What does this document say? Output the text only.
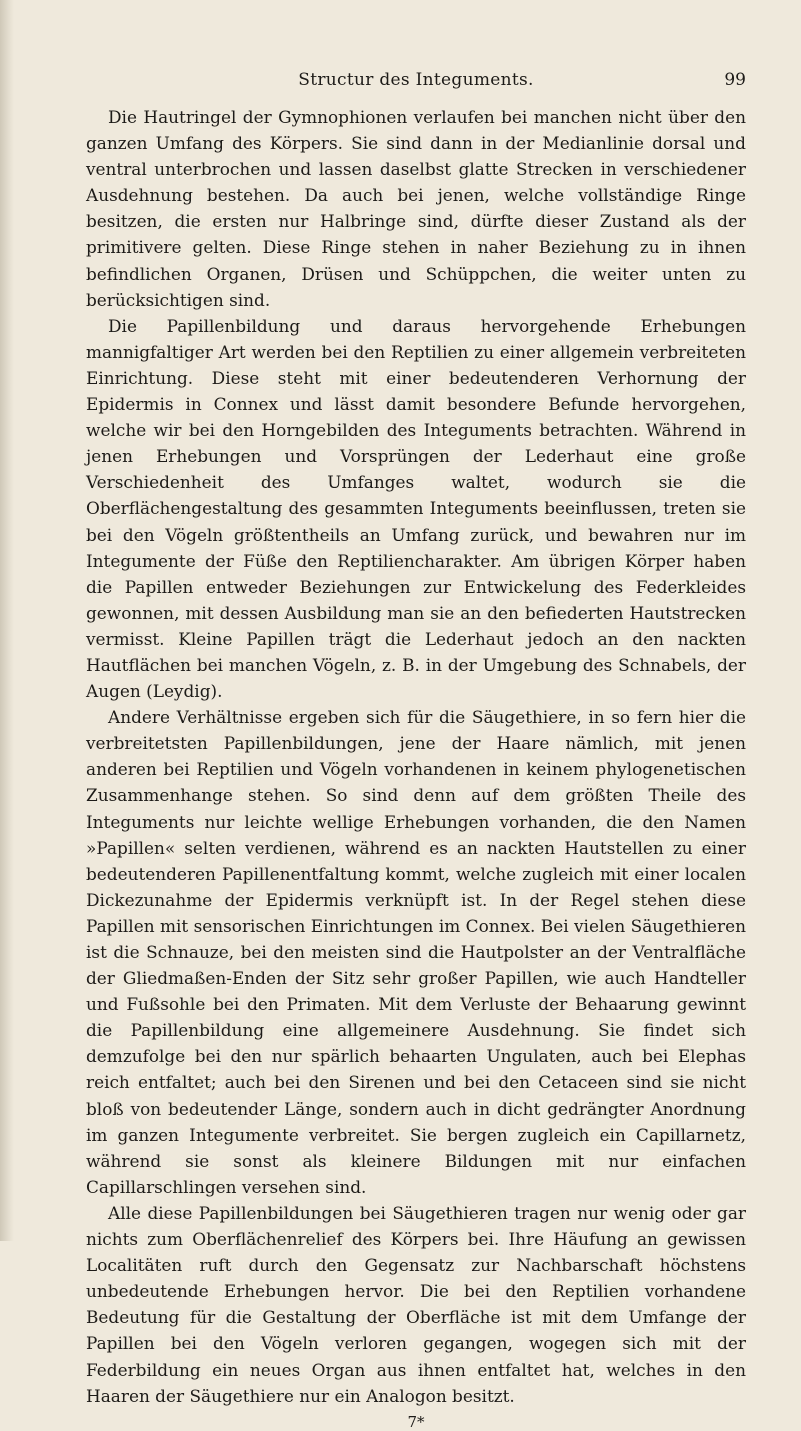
Structur des Integuments.	99

Die Hautringel der Gymnophionen verlaufen bei manchen nicht über den ganzen Umfang des Körpers. Sie sind dann in der Medianlinie dorsal und ventral unterbrochen und lassen daselbst glatte Strecken in verschiedener Ausdehnung bestehen. Da auch bei jenen, welche vollständige Ringe besitzen, die ersten nur Halbringe sind, dürfte dieser Zustand als der primitivere gelten. Diese Ringe stehen in naher Beziehung zu in ihnen befindlichen Organen, Drüsen und Schüppchen, die weiter unten zu berücksichtigen sind.

Die Papillenbildung und daraus hervorgehende Erhebungen mannigfaltiger Art werden bei den Reptilien zu einer allgemein verbreiteten Einrichtung. Diese steht mit einer bedeutenderen Verhornung der Epidermis in Connex und lässt damit besondere Befunde hervorgehen, welche wir bei den Horngebilden des Integuments betrachten. Während in jenen Erhebungen und Vorsprüngen der Lederhaut eine große Verschiedenheit des Umfanges waltet, wodurch sie die Oberflächengestaltung des gesammten Integuments beeinflussen, treten sie bei den Vögeln größtentheils an Umfang zurück, und bewahren nur im Integumente der Füße den Reptiliencharakter. Am übrigen Körper haben die Papillen entweder Beziehungen zur Entwickelung des Federkleides gewonnen, mit dessen Ausbildung man sie an den befiederten Hautstrecken vermisst. Kleine Papillen trägt die Lederhaut jedoch an den nackten Hautflächen bei manchen Vögeln, z. B. in der Umgebung des Schnabels, der Augen (Leydig).

Andere Verhältnisse ergeben sich für die Säugethiere, in so fern hier die verbreitetsten Papillenbildungen, jene der Haare nämlich, mit jenen anderen bei Reptilien und Vögeln vorhandenen in keinem phylogenetischen Zusammenhange stehen. So sind denn auf dem größten Theile des Integuments nur leichte wellige Erhebungen vorhanden, die den Namen »Papillen« selten verdienen, während es an nackten Hautstellen zu einer bedeutenderen Papillenentfaltung kommt, welche zugleich mit einer localen Dickezunahme der Epidermis verknüpft ist. In der Regel stehen diese Papillen mit sensorischen Einrichtungen im Connex. Bei vielen Säugethieren ist die Schnauze, bei den meisten sind die Hautpolster an der Ventralfläche der Gliedmaßen-Enden der Sitz sehr großer Papillen, wie auch Handteller und Fußsohle bei den Primaten. Mit dem Verluste der Behaarung gewinnt die Papillenbildung eine allgemeinere Ausdehnung. Sie findet sich demzufolge bei den nur spärlich behaarten Ungulaten, auch bei Elephas reich entfaltet; auch bei den Sirenen und bei den Cetaceen sind sie nicht bloß von bedeutender Länge, sondern auch in dicht gedrängter Anordnung im ganzen Integumente verbreitet. Sie bergen zugleich ein Capillarnetz, während sie sonst als kleinere Bildungen mit nur einfachen Capillarschlingen versehen sind.

Alle diese Papillenbildungen bei Säugethieren tragen nur wenig oder gar nichts zum Oberflächenrelief des Körpers bei. Ihre Häufung an gewissen Localitäten ruft durch den Gegensatz zur Nachbarschaft höchstens unbedeutende Erhebungen hervor. Die bei den Reptilien vorhandene Bedeutung für die Gestaltung der Oberfläche ist mit dem Umfange der Papillen bei den Vögeln verloren gegangen, wogegen sich mit der Federbildung ein neues Organ aus ihnen entfaltet hat, welches in den Haaren der Säugethiere nur ein Analogon besitzt.

7*
